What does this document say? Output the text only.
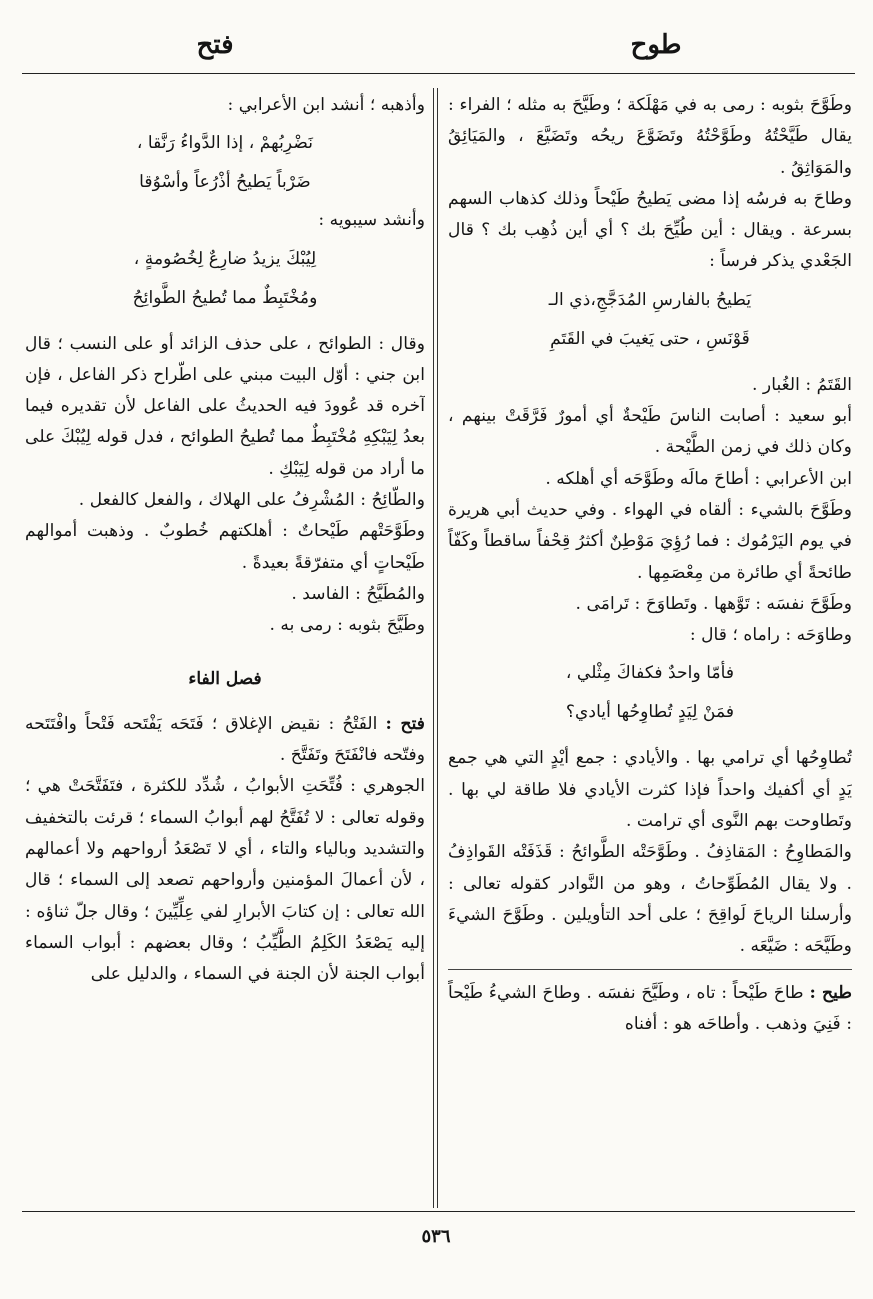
طوح
فتح

وطَوَّحَ بثوبه : رمى به في مَهْلَكة ؛ وطَيَّحَ به مثله ؛ الفراء : يقال طَيَّحْتُهُ وطَوَّحْتُهُ وتَضَوَّعَ ريحُه وتَضَيَّعَ ، والمَيَائِقُ والمَوَاثِقُ .

وطاحَ به فرسُه إذا مضى يَطيحُ طَيْحاً وذلك كذهاب السهم بسرعة . ويقال : أين طُيِّحَ بك ؟ أي أين ذُهِب بك ؟ قال الجَعْدي يذكر فرساً :

يَطيحُ بالفارسِ المُدَجَّجِ،ذي الـ

قَوْنَسِ ، حتى يَغيبَ في القَتَمِ

القَتَمُ : الغُبار .

أبو سعيد : أصابت الناسَ طَيْحةٌ أي أمورٌ فَرَّقَتْ بينهم ، وكان ذلك في زمن الطَّيْحة .

ابن الأعرابي : أطاحَ مالَه وطَوَّحَه أي أهلكه .

وطَوَّحَ بالشيء : ألقاه في الهواء . وفي حديث أبي هريرة في يوم اليَرْمُوك : فما رُؤِيَ مَوْطِنٌ أكثرُ قِحْفاً ساقطاً وكَفّاً طائحةً أي طائرة من مِعْصَمِها .

وطَوَّحَ نفسَه : تَوَّهها . وتَطاوَحَ : تَرامَى .

وطاوَحَه : راماه ؛ قال :

فأمّا واحدٌ فكفاكَ مِثْلي ،

فمَنْ لِيَدٍ تُطاوِحُها أيادي؟

تُطاوِحُها أي ترامي بها . والأيادي : جمع أيْدٍ التي هي جمع يَدٍ أي أكفيك واحداً فإذا كثرت الأيادي فلا طاقة لي بها . وتَطاوحت بهم النَّوى أي ترامت .

والمَطاوِحُ : المَقاذِفُ . وطَوَّحَتْه الطَّوائحُ : قَذَفَتْه القَواذِفُ . ولا يقال المُطَوِّحاتُ ، وهو من النَّوادر كقوله تعالى : وأرسلنا الرياحَ لَواقِحَ ؛ على أحد التأويلين . وطَوَّحَ الشيءَ وطَيَّحَه : ضَيَّعَه .

طيح : طاحَ طَيْحاً : تاه ، وطَيَّحَ نفسَه . وطاحَ الشيءُ طَيْحاً : فَنِيَ وذهب . وأطاحَه هو : أفناه

وأذهبه ؛ أنشد ابن الأعرابي :

نَضْرِبُهمْ ، إذا الدَّواءُ رَنَّقا ،

ضَرْباً يَطيحُ أذْرُعاً وأسْوُقا

وأنشد سيبويه :

لِيُبْكَ يزيدُ ضارِعٌ لِخُصُومةٍ ،

ومُخْتَبِطٌ مما تُطيحُ الطَّوائِحُ

وقال : الطوائح ، على حذف الزائد أو على النسب ؛ قال ابن جني : أوّل البيت مبني على اطّراح ذكر الفاعل ، فإن آخره قد عُوودَ فيه الحديثُ على الفاعل لأن تقديره فيما بعدُ لِيَبْكِهِ مُخْتَبِطٌ مما تُطيحُ الطوائح ، فدل قوله لِيُبْكَ على ما أراد من قوله لِيَبْكِ .

والطّائِحُ : المُشْرِفُ على الهلاك ، والفعل كالفعل .

وطَوَّحَتْهم طَيْحاتٌ : أهلكتهم خُطوبٌ . وذهبت أموالهم طَيْحاتٍ أي متفرّقةً بعيدةً .

والمُطَيَّحُ : الفاسد .

وطَيَّحَ بثوبه : رمى به .

فصل الفاء

فتح : الفَتْحُ : نقيض الإغلاق ؛ فَتَحَه يَفْتَحه فَتْحاً وافْتَتَحه وفتّحه فانْفَتَحَ وتَفَتَّحَ .

الجوهري : فُتِّحَتِ الأبوابُ ، شُدِّد للكثرة ، فتَفَتَّحَتْ هي ؛ وقوله تعالى : لا تُفَتَّحُ لهم أبوابُ السماء ؛ قرئت بالتخفيف والتشديد وبالياء والتاء ، أي لا تَصْعَدُ أرواحهم ولا أعمالهم ، لأن أعمالَ المؤمنين وأرواحهم تصعد إلى السماء ؛ قال الله تعالى : إن كتابَ الأبرارِ لفي عِلِّيِّينَ ؛ وقال جلّ ثناؤه : إليه يَصْعَدُ الكَلِمُ الطَّيِّبُ ؛ وقال بعضهم : أبواب السماء أبواب الجنة لأن الجنة في السماء ، والدليل على

٥٣٦
